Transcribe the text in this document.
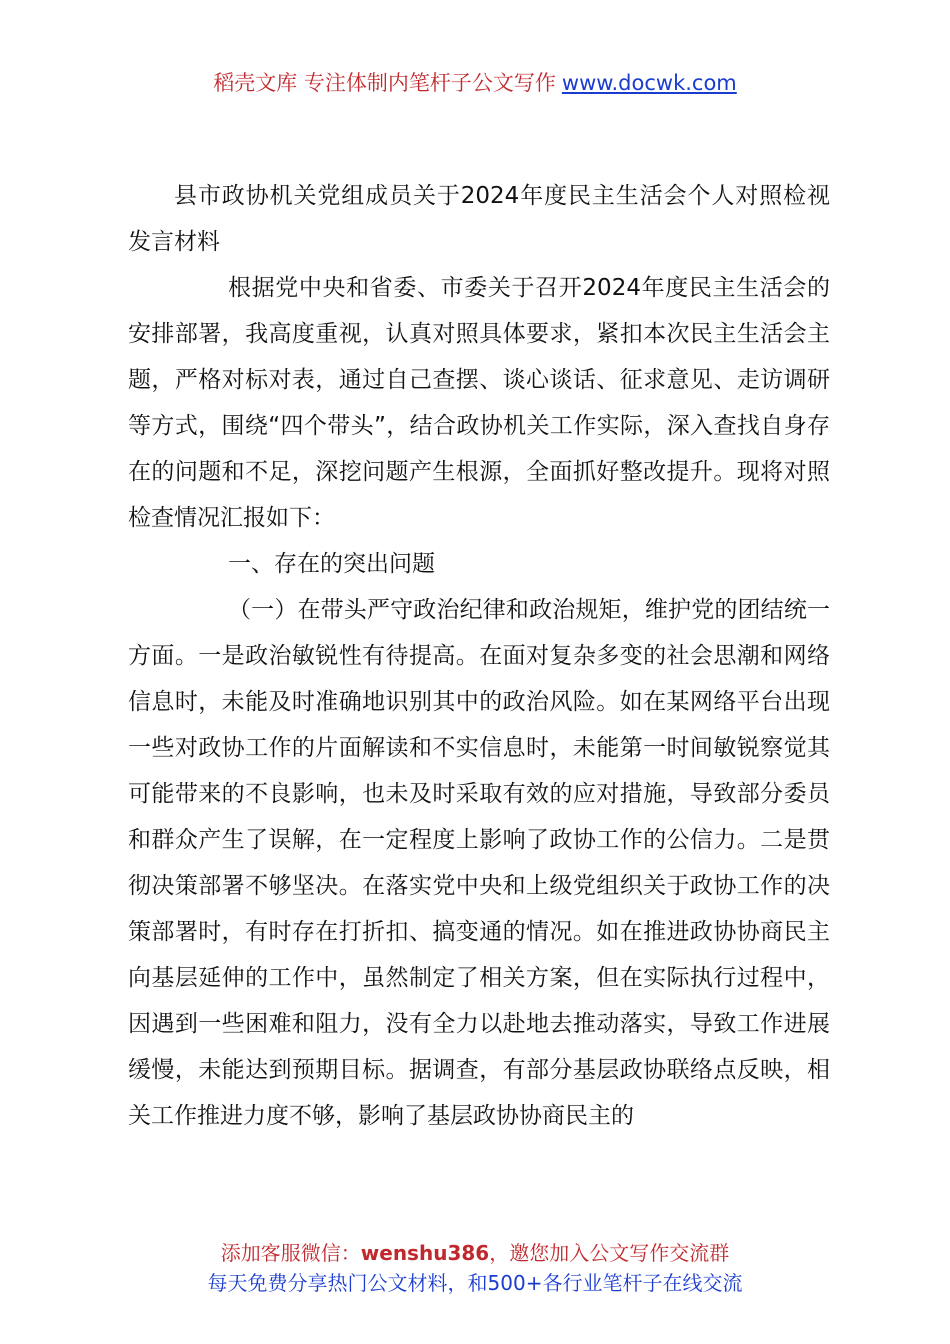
稻壳文库 专注体制内笔杆子公文写作 www.docwk.com

县市政协机关党组成员关于2024年度民主生活会个人对照检视发言材料

根据党中央和省委、市委关于召开2024年度民主生活会的安排部署，我高度重视，认真对照具体要求，紧扣本次民主生活会主题，严格对标对表，通过自己查摆、谈心谈话、征求意见、走访调研等方式，围绕“四个带头”，结合政协机关工作实际，深入查找自身存在的问题和不足，深挖问题产生根源，全面抓好整改提升。现将对照检查情况汇报如下：

一、存在的突出问题

（一）在带头严守政治纪律和政治规矩，维护党的团结统一方面。一是政治敏锐性有待提高。在面对复杂多变的社会思潮和网络信息时，未能及时准确地识别其中的政治风险。如在某网络平台出现一些对政协工作的片面解读和不实信息时，未能第一时间敏锐察觉其可能带来的不良影响，也未及时采取有效的应对措施，导致部分委员和群众产生了误解，在一定程度上影响了政协工作的公信力。二是贯彻决策部署不够坚决。在落实党中央和上级党组织关于政协工作的决策部署时，有时存在打折扣、搞变通的情况。如在推进政协协商民主向基层延伸的工作中，虽然制定了相关方案，但在实际执行过程中，因遇到一些困难和阻力，没有全力以赴地去推动落实，导致工作进展缓慢，未能达到预期目标。据调查，有部分基层政协联络点反映，相关工作推进力度不够，影响了基层政协协商民主的

添加客服微信：wenshu386，邀您加入公文写作交流群
每天免费分享热门公文材料，和500+各行业笔杆子在线交流
